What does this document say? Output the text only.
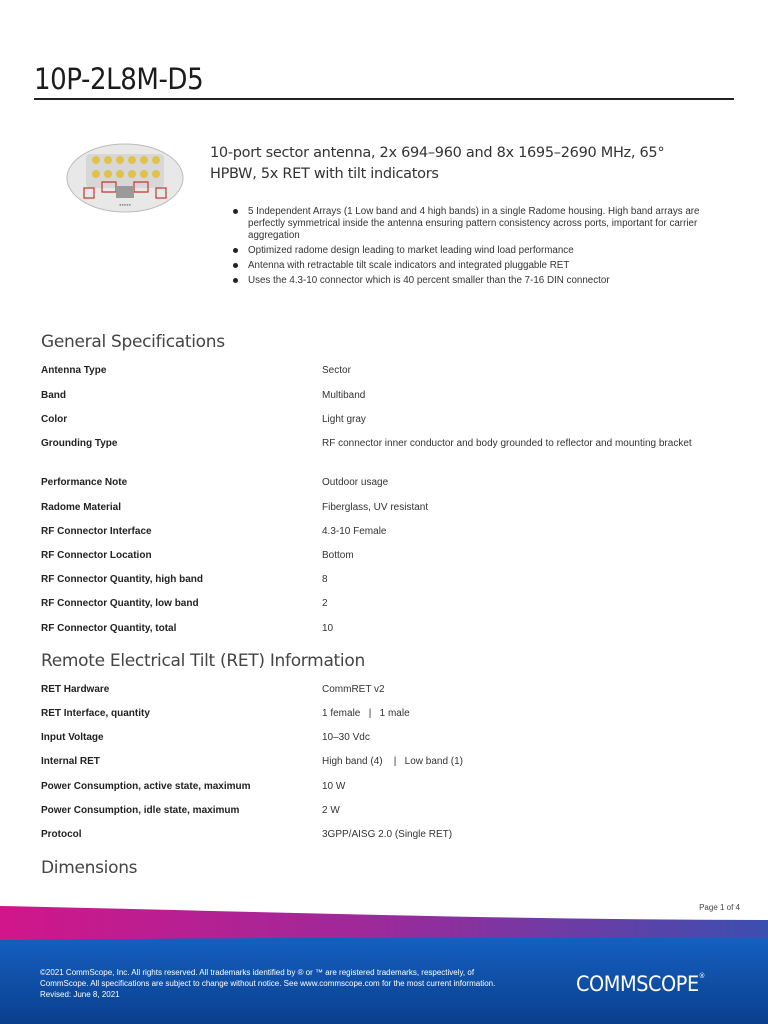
10P-2L8M-D5
●●●●●
10-port sector antenna, 2x 694–960 and 8x 1695–2690 MHz, 65° HPBW, 5x RET with tilt indicators
5 Independent Arrays (1 Low band and 4 high bands) in a single Radome housing. High band arrays are perfectly symmetrical inside the antenna ensuring pattern consistency across ports, important for carrier aggregation
Optimized radome design leading to market leading wind load performance
Antenna with retractable tilt scale indicators and integrated pluggable RET
Uses the 4.3-10 connector which is 40 percent smaller than the 7-16 DIN connector
General Specifications
Antenna Type	Sector
Band	Multiband
Color	Light gray
Grounding Type	RF connector inner conductor and body grounded to reflector and mounting bracket
Performance Note	Outdoor usage
Radome Material	Fiberglass, UV resistant
RF Connector Interface	4.3-10 Female
RF Connector Location	Bottom
RF Connector Quantity, high band	8
RF Connector Quantity, low band	2
RF Connector Quantity, total	10
Remote Electrical Tilt (RET) Information
RET Hardware	CommRET v2
RET Interface, quantity	1 female   |   1 male
Input Voltage	10–30 Vdc
Internal RET	High band (4)    |   Low band (1)
Power Consumption, active state, maximum	10 W
Power Consumption, idle state, maximum	2 W
Protocol	3GPP/AISG 2.0 (Single RET)
Dimensions
Page 1 of 4
©2021 CommScope, Inc. All rights reserved. All trademarks identified by ® or ™ are registered trademarks, respectively, of CommScope. All specifications are subject to change without notice. See www.commscope.com for the most current information. Revised: June 8, 2021	COMMSCOPE®
